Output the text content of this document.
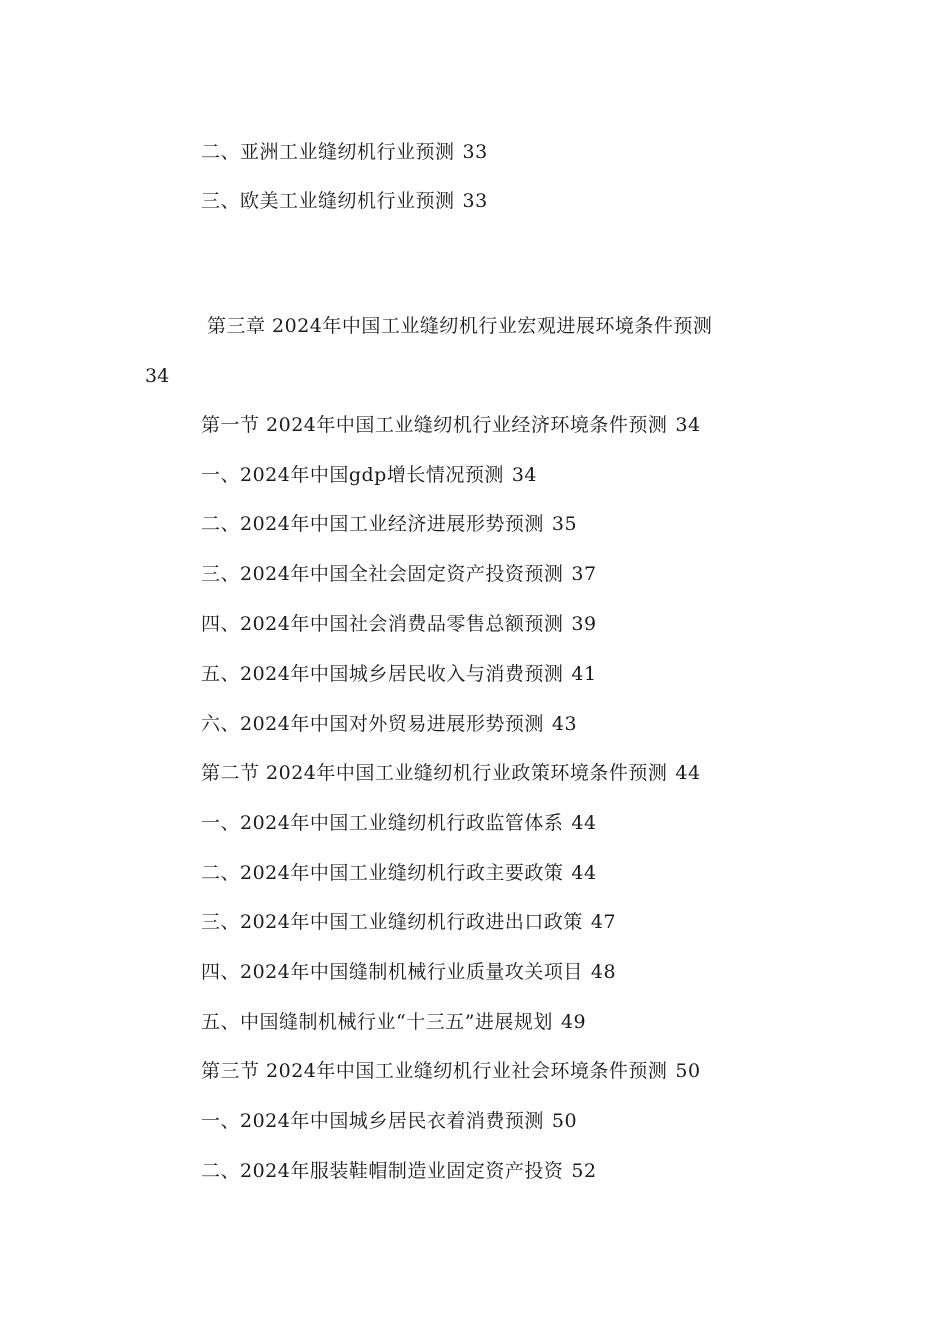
二、亚洲工业缝纫机行业预测 33
三、欧美工业缝纫机行业预测 33
第三章 2024年中国工业缝纫机行业宏观进展环境条件预测
34
第一节 2024年中国工业缝纫机行业经济环境条件预测 34
一、2024年中国gdp增长情况预测 34
二、2024年中国工业经济进展形势预测 35
三、2024年中国全社会固定资产投资预测 37
四、2024年中国社会消费品零售总额预测 39
五、2024年中国城乡居民收入与消费预测 41
六、2024年中国对外贸易进展形势预测 43
第二节 2024年中国工业缝纫机行业政策环境条件预测 44
一、2024年中国工业缝纫机行政监管体系 44
二、2024年中国工业缝纫机行政主要政策 44
三、2024年中国工业缝纫机行政进出口政策 47
四、2024年中国缝制机械行业质量攻关项目 48
五、中国缝制机械行业“十三五”进展规划 49
第三节 2024年中国工业缝纫机行业社会环境条件预测 50
一、2024年中国城乡居民衣着消费预测 50
二、2024年服装鞋帽制造业固定资产投资 52
